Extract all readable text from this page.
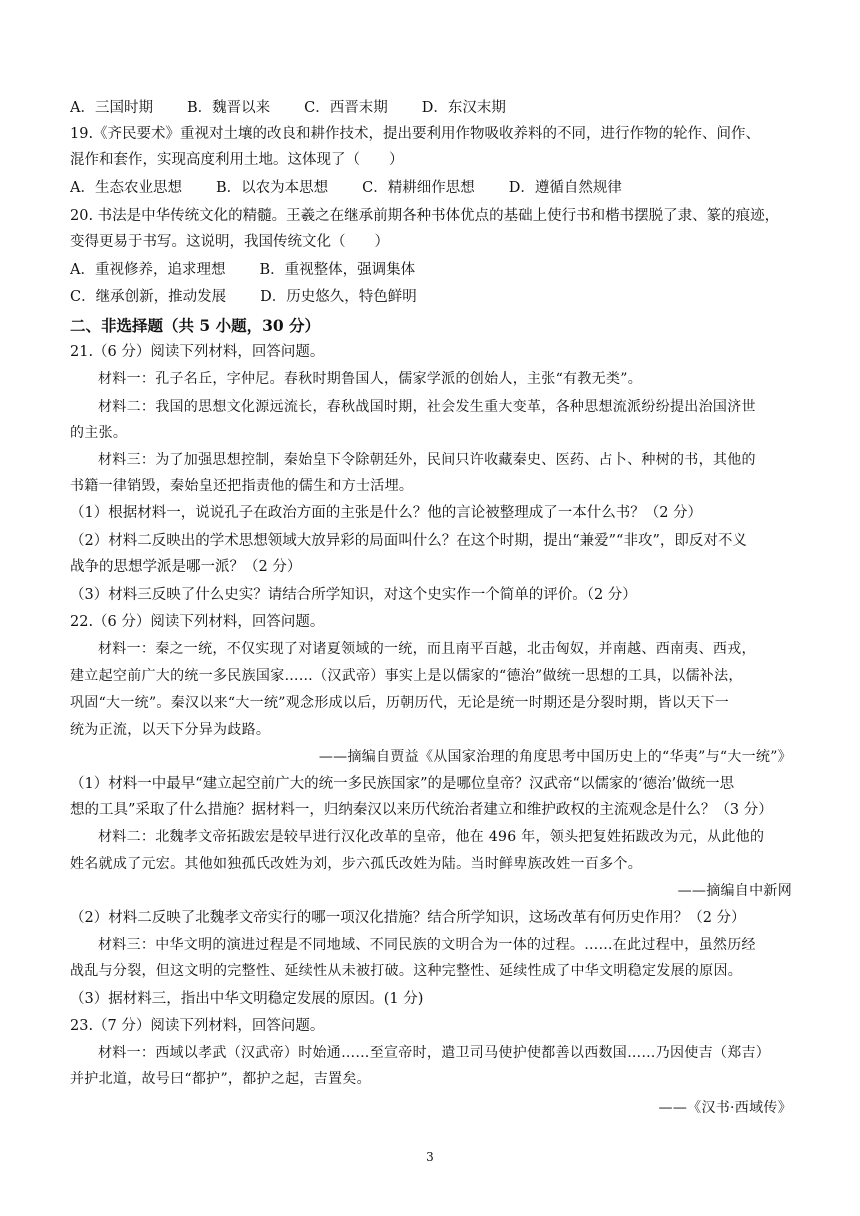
A．三国时期 B．魏晋以来 C．西晋末期 D．东汉末期
19.《齐民要术》重视对土壤的改良和耕作技术，提出要利用作物吸收养料的不同，进行作物的轮作、间作、
混作和套作，实现高度利用土地。这体现了（　　）
A．生态农业思想 B．以农为本思想 C．精耕细作思想 D．遵循自然规律
20. 书法是中华传统文化的精髓。王羲之在继承前期各种书体优点的基础上使行书和楷书摆脱了隶、篆的痕迹，
变得更易于书写。这说明，我国传统文化（　　）
A．重视修养，追求理想 B．重视整体，强调集体
C．继承创新，推动发展 D．历史悠久，特色鲜明
二、非选择题（共 5 小题，30 分）
21.（6 分）阅读下列材料，回答问题。
材料一：孔子名丘，字仲尼。春秋时期鲁国人，儒家学派的创始人，主张“有教无类”。
材料二：我国的思想文化源远流长，春秋战国时期，社会发生重大变革，各种思想流派纷纷提出治国济世
的主张。
材料三：为了加强思想控制，秦始皇下令除朝廷外，民间只许收藏秦史、医药、占卜、种树的书，其他的
书籍一律销毁，秦始皇还把指责他的儒生和方士活埋。
（1）根据材料一，说说孔子在政治方面的主张是什么？他的言论被整理成了一本什么书？（2 分）
（2）材料二反映出的学术思想领域大放异彩的局面叫什么？在这个时期，提出“兼爱”“非攻”，即反对不义
战争的思想学派是哪一派？（2 分）
（3）材料三反映了什么史实？请结合所学知识，对这个史实作一个简单的评价。（2 分）
22.（6 分）阅读下列材料，回答问题。
材料一：秦之一统，不仅实现了对诸夏领域的一统，而且南平百越，北击匈奴，并南越、西南夷、西戎，
建立起空前广大的统一多民族国家……（汉武帝）事实上是以儒家的“德治”做统一思想的工具，以儒补法，
巩固“大一统”。秦汉以来“大一统”观念形成以后，历朝历代，无论是统一时期还是分裂时期，皆以天下一
统为正流，以天下分异为歧路。
——摘编自贾益《从国家治理的角度思考中国历史上的“华夷”与“大一统”》
（1）材料一中最早“建立起空前广大的统一多民族国家”的是哪位皇帝？汉武帝“以儒家的‘德治’做统一思
想的工具”采取了什么措施？据材料一，归纳秦汉以来历代统治者建立和维护政权的主流观念是什么？（3 分）
材料二：北魏孝文帝拓跋宏是较早进行汉化改革的皇帝，他在 496 年，领头把复姓拓跋改为元，从此他的
姓名就成了元宏。其他如独孤氏改姓为刘，步六孤氏改姓为陆。当时鲜卑族改姓一百多个。
——摘编自中新网
（2）材料二反映了北魏孝文帝实行的哪一项汉化措施？结合所学知识，这场改革有何历史作用？（2 分）
材料三：中华文明的演进过程是不同地域、不同民族的文明合为一体的过程。……在此过程中，虽然历经
战乱与分裂，但这文明的完整性、延续性从未被打破。这种完整性、延续性成了中华文明稳定发展的原因。
（3）据材料三，指出中华文明稳定发展的原因。(1 分)
23.（7 分）阅读下列材料，回答问题。
材料一：西域以孝武（汉武帝）时始通……至宣帝时，遣卫司马使护使都善以西数国……乃因使吉（郑吉）
并护北道，故号曰“都护”，都护之起，吉置矣。
——《汉书·西域传》
3
